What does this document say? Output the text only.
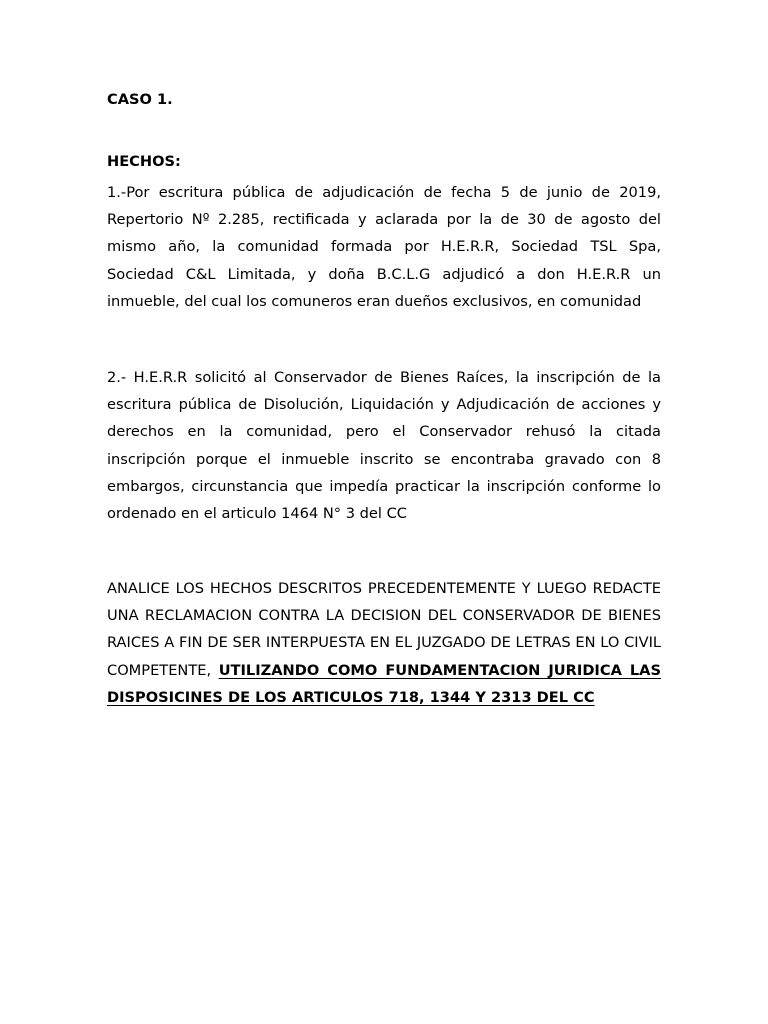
CASO 1.
HECHOS:

1.-Por escritura pública de adjudicación de fecha 5 de junio de 2019, Repertorio Nº 2.285, rectificada y aclarada por la de 30 de agosto del mismo año, la comunidad formada por H.E.R.R, Sociedad TSL Spa, Sociedad C&L Limitada, y doña B.C.L.G adjudicó a don H.E.R.R un inmueble, del cual los comuneros eran dueños exclusivos, en comunidad

2.- H.E.R.R solicitó al Conservador de Bienes Raíces, la inscripción de la escritura pública de Disolución, Liquidación y Adjudicación de acciones y derechos en la comunidad, pero el Conservador rehusó la citada inscripción porque el inmueble inscrito se encontraba gravado con 8 embargos, circunstancia que impedía practicar la inscripción conforme lo ordenado en el articulo 1464 N° 3 del CC

ANALICE LOS HECHOS DESCRITOS PRECEDENTEMENTE Y LUEGO REDACTE UNA RECLAMACION CONTRA LA DECISION DEL CONSERVADOR DE BIENES RAICES A FIN DE SER INTERPUESTA EN EL JUZGADO DE LETRAS EN LO CIVIL COMPETENTE, UTILIZANDO COMO FUNDAMENTACION JURIDICA LAS DISPOSICINES DE LOS ARTICULOS 718, 1344 Y 2313 DEL CC
